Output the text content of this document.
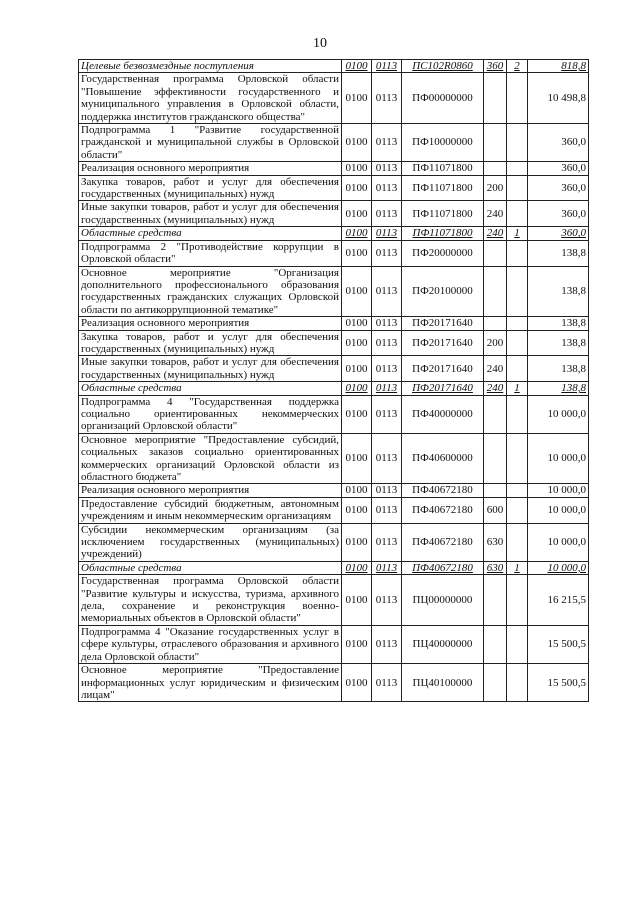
10
Целевые безвозмездные поступления	0100	0113	ПС102R0860	360	2	818,8
Государственная программа Орловской области "Повышение эффективности государственного и муниципального управления в Орловской области, поддержка институтов гражданского общества"	0100	0113	ПФ00000000			10 498,8
Подпрограмма 1 "Развитие государственной гражданской и муниципальной службы в Орловской области"	0100	0113	ПФ10000000			360,0
Реализация основного мероприятия	0100	0113	ПФ11071800			360,0
Закупка товаров, работ и услуг для обеспечения государственных (муниципальных) нужд	0100	0113	ПФ11071800	200		360,0
Иные закупки товаров, работ и услуг для обеспечения государственных (муниципальных) нужд	0100	0113	ПФ11071800	240		360,0
Областные средства	0100	0113	ПФ11071800	240	1	360,0
Подпрограмма 2 "Противодействие коррупции в Орловской области"	0100	0113	ПФ20000000			138,8
Основное мероприятие "Организация дополнительного профессионального образования государственных гражданских служащих Орловской области по антикоррупционной тематике"	0100	0113	ПФ20100000			138,8
Реализация основного мероприятия	0100	0113	ПФ20171640			138,8
Закупка товаров, работ и услуг для обеспечения государственных (муниципальных) нужд	0100	0113	ПФ20171640	200		138,8
Иные закупки товаров, работ и услуг для обеспечения государственных (муниципальных) нужд	0100	0113	ПФ20171640	240		138,8
Областные средства	0100	0113	ПФ20171640	240	1	138,8
Подпрограмма 4 "Государственная поддержка социально ориентированных некоммерческих организаций Орловской области"	0100	0113	ПФ40000000			10 000,0
Основное мероприятие "Предоставление субсидий, социальных заказов социально ориентированных коммерческих организаций Орловской области из областного бюджета"	0100	0113	ПФ40600000			10 000,0
Реализация основного мероприятия	0100	0113	ПФ40672180			10 000,0
Предоставление субсидий бюджетным, автономным учреждениям и иным некоммерческим организациям	0100	0113	ПФ40672180	600		10 000,0
Субсидии некоммерческим организациям (за исключением государственных (муниципальных) учреждений)	0100	0113	ПФ40672180	630		10 000,0
Областные средства	0100	0113	ПФ40672180	630	1	10 000,0
Государственная программа Орловской области "Развитие культуры и искусства, туризма, архивного дела, сохранение и реконструкция военно-мемориальных объектов в Орловской области"	0100	0113	ПЦ00000000			16 215,5
Подпрограмма 4 "Оказание государственных услуг в сфере культуры, отраслевого образования и архивного дела Орловской области"	0100	0113	ПЦ40000000			15 500,5
Основное мероприятие "Предоставление информационных услуг юридическим и физическим лицам"	0100	0113	ПЦ40100000			15 500,5
